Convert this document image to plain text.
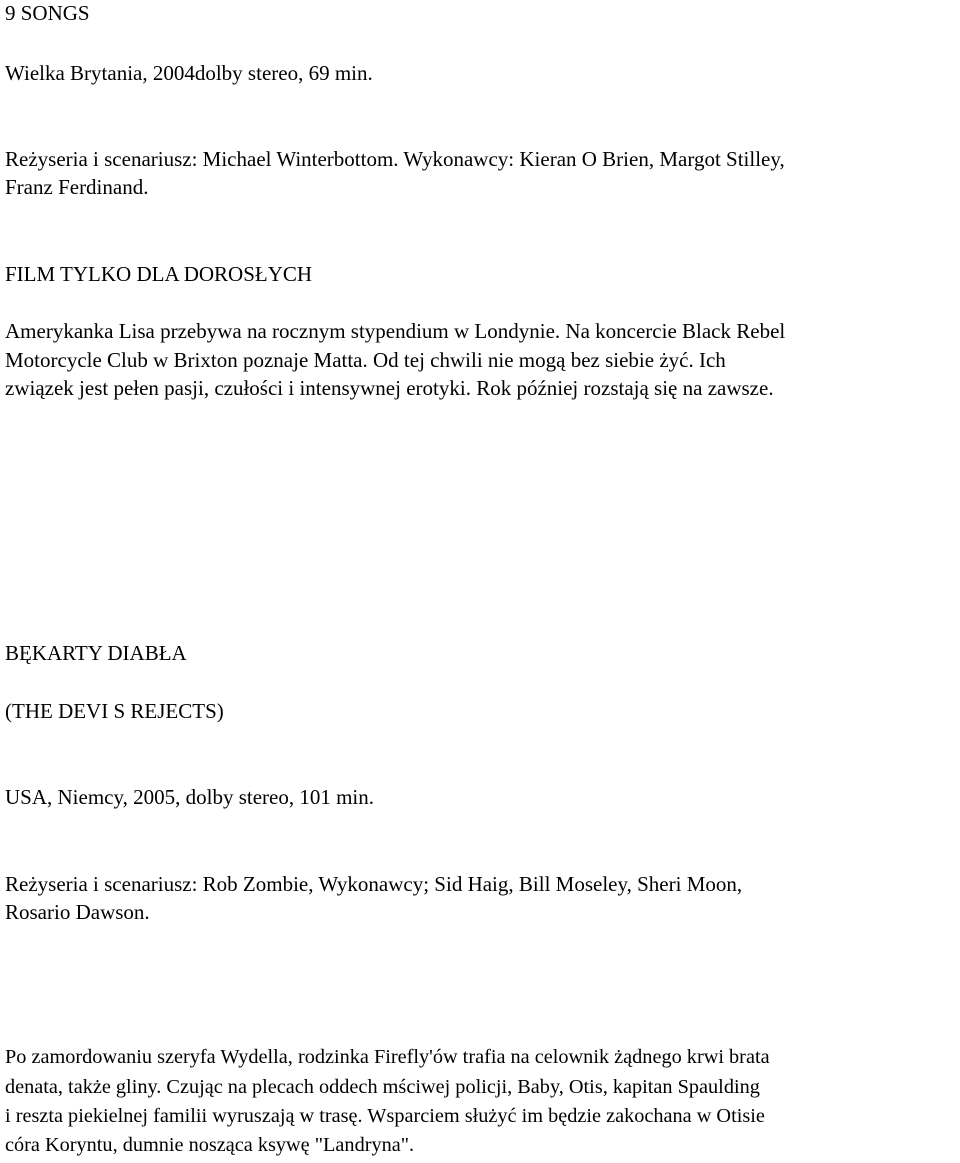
9 SONGS
Wielka Brytania, 2004dolby stereo, 69 min.
Reżyseria i scenariusz: Michael Winterbottom. Wykonawcy: Kieran O Brien, Margot Stilley,
Franz Ferdinand.
FILM TYLKO DLA DOROSŁYCH
Amerykanka Lisa przebywa na rocznym stypendium w Londynie. Na koncercie Black Rebel
Motorcycle Club w Brixton poznaje Matta. Od tej chwili nie mogą bez siebie żyć. Ich
związek jest pełen pasji, czułości i intensywnej erotyki. Rok później rozstają się na zawsze.
BĘKARTY DIABŁA
(THE DEVI S REJECTS)
USA, Niemcy, 2005, dolby stereo, 101 min.
Reżyseria i scenariusz: Rob Zombie, Wykonawcy; Sid Haig, Bill Moseley, Sheri Moon,
Rosario Dawson.
Po zamordowaniu szeryfa Wydella, rodzinka Firefly'ów trafia na celownik żądnego krwi brata
denata, także gliny. Czując na plecach oddech mściwej policji, Baby, Otis, kapitan Spaulding
i reszta piekielnej familii wyruszają w trasę. Wsparciem służyć im będzie zakochana w Otisie
córa Koryntu, dumnie nosząca ksywę "Landryna".
